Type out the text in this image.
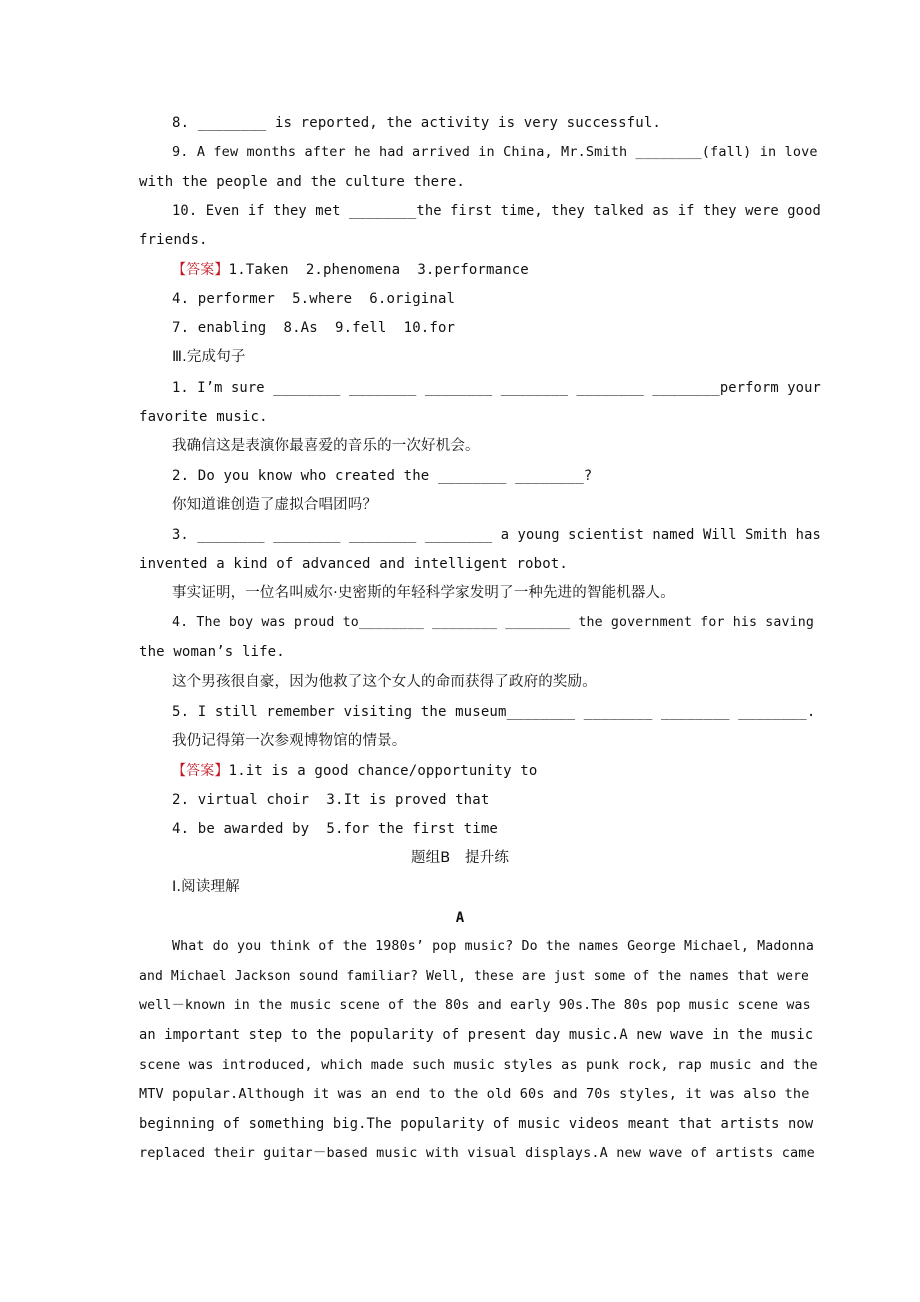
8. ________ is reported, the activity is very successful.
9. A few months after he had arrived in China, Mr.Smith ________(fall) in love
with the people and the culture there.
10. Even if they met ________the first time, they talked as if they were good
friends.
【答案】1.Taken  2.phenomena  3.performance
4. performer  5.where  6.original
7. enabling  8.As  9.fell  10.for
Ⅲ.完成句子
1. I’m sure ________ ________ ________ ________ ________ ________perform your
favorite music.
我确信这是表演你最喜爱的音乐的一次好机会。
2. Do you know who created the ________ ________?
你知道谁创造了虚拟合唱团吗？
3. ________ ________ ________ ________ a young scientist named Will Smith has
invented a kind of advanced and intelligent robot.
事实证明，一位名叫威尔·史密斯的年轻科学家发明了一种先进的智能机器人。
4. The boy was proud to________ ________ ________ the government for his saving
the woman’s life.
这个男孩很自豪，因为他救了这个女人的命而获得了政府的奖励。
5. I still remember visiting the museum________ ________ ________ ________.
我仍记得第一次参观博物馆的情景。
【答案】1.it is a good chance/opportunity to
2. virtual choir  3.It is proved that
4. be awarded by  5.for the first time
题组B　提升练
Ⅰ.阅读理解
A
What do you think of the 1980s’ pop music? Do the names George Michael, Madonna
and Michael Jackson sound familiar? Well, these are just some of the names that were
well－known in the music scene of the 80s and early 90s.The 80s pop music scene was
an important step to the popularity of present day music.A new wave in the music
scene was introduced, which made such music styles as punk rock, rap music and the
MTV popular.Although it was an end to the old 60s and 70s styles, it was also the
beginning of something big.The popularity of music videos meant that artists now
replaced their guitar－based music with visual displays.A new wave of artists came
